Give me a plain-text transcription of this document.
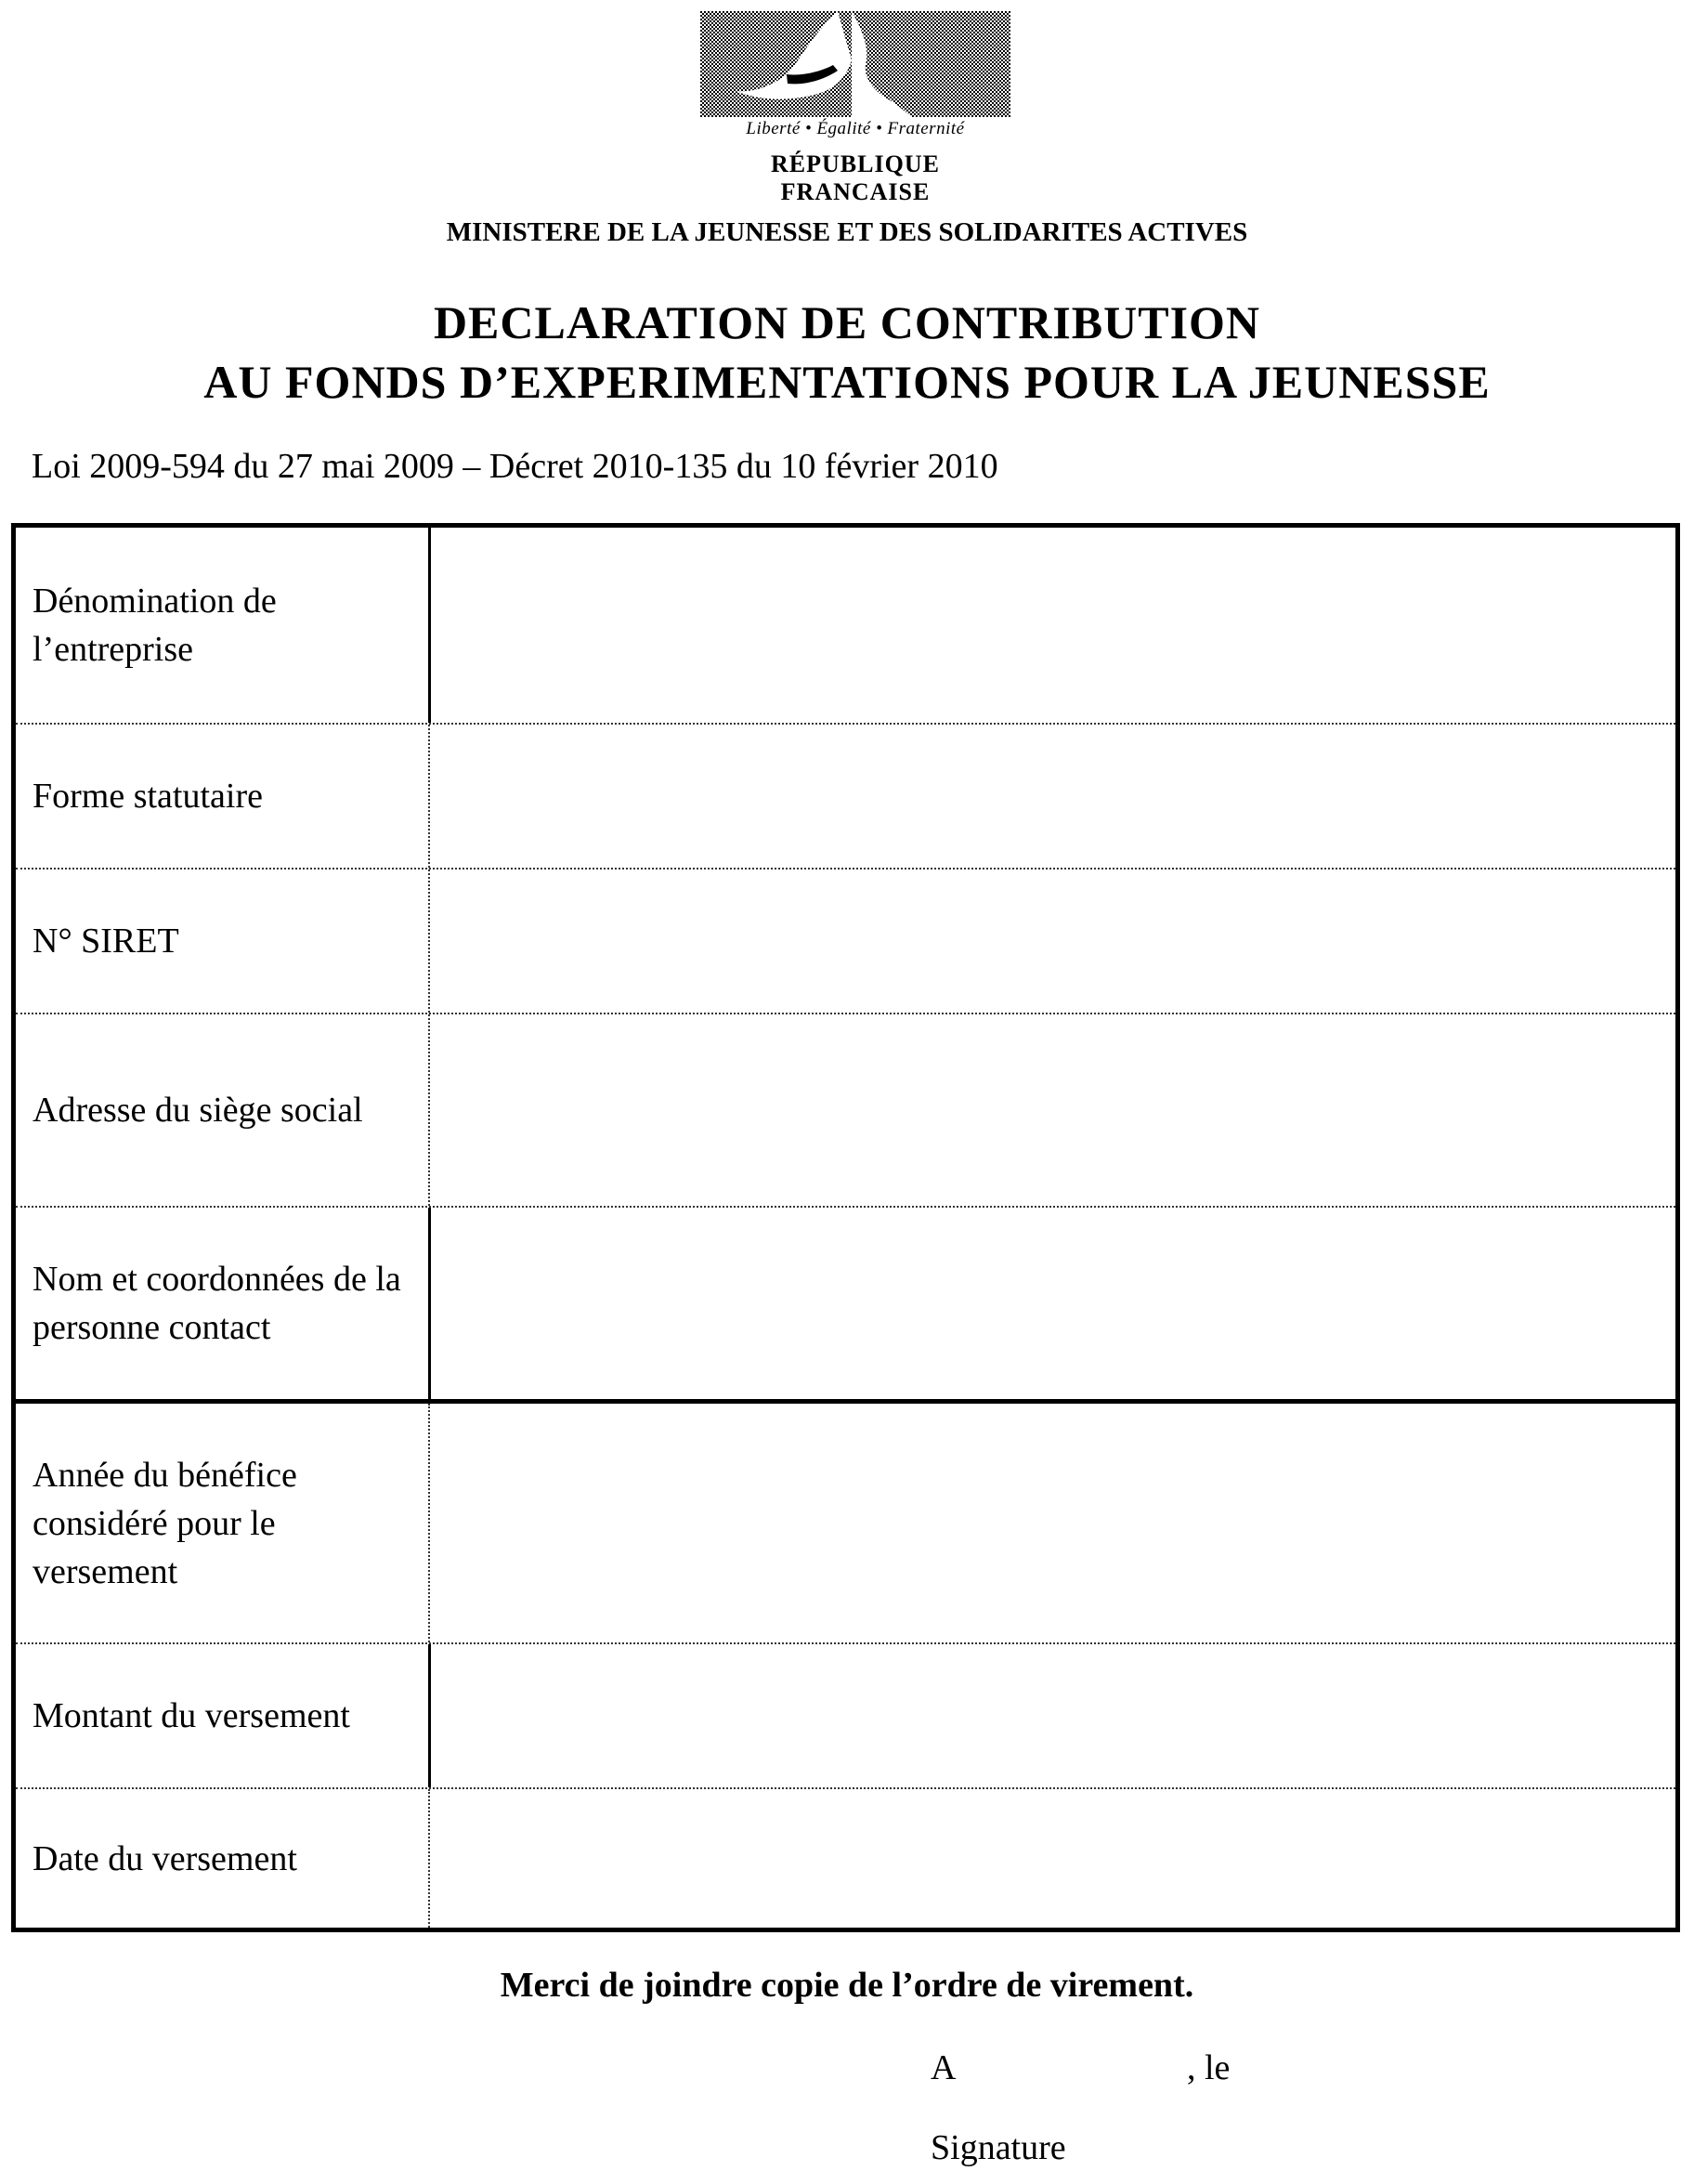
Liberté • Égalité • Fraternité
RÉPUBLIQUE FRANCAISE
MINISTERE DE LA JEUNESSE ET DES SOLIDARITES ACTIVES
DECLARATION DE CONTRIBUTION
AU FONDS D’EXPERIMENTATIONS POUR LA JEUNESSE
Loi 2009-594 du 27 mai 2009 – Décret 2010-135 du 10 février 2010
Dénomination de l’entreprise
Forme statutaire
N° SIRET
Adresse du siège social
Nom et coordonnées de la personne contact
Année du bénéfice considéré pour le versement
Montant du versement
Date du versement
Merci de joindre copie de l’ordre de virement.
A	, le
Signature
